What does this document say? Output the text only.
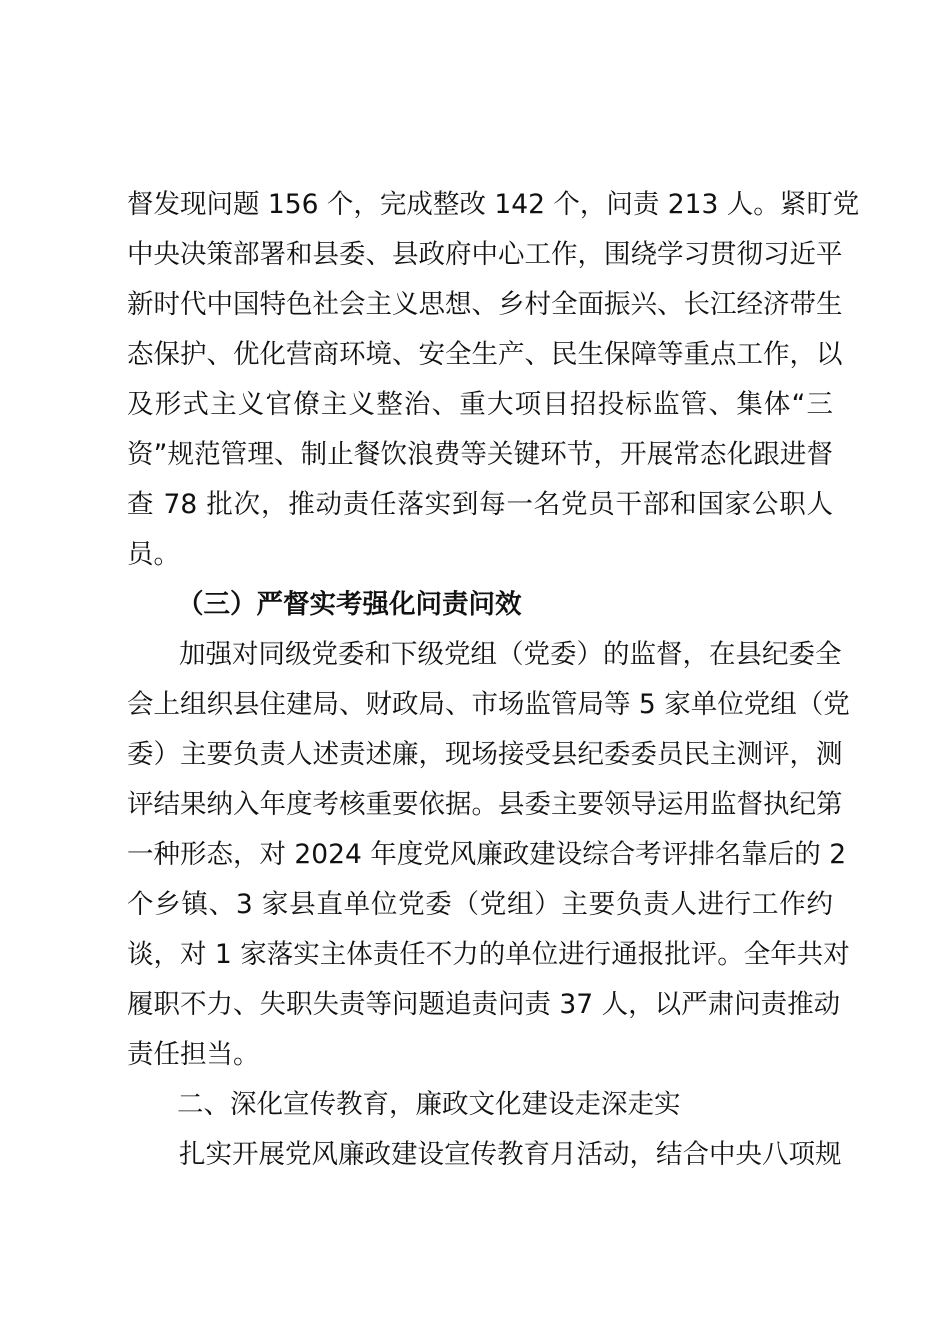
督发现问题 156 个，完成整改 142 个，问责 213 人。紧盯党
中央决策部署和县委、县政府中心工作，围绕学习贯彻习近平
新时代中国特色社会主义思想、乡村全面振兴、长江经济带生
态保护、优化营商环境、安全生产、民生保障等重点工作，以
及形式主义官僚主义整治、重大项目招投标监管、集体“三
资”规范管理、制止餐饮浪费等关键环节，开展常态化跟进督
查 78 批次，推动责任落实到每一名党员干部和国家公职人
员。
（三）严督实考强化问责问效
加强对同级党委和下级党组（党委）的监督，在县纪委全
会上组织县住建局、财政局、市场监管局等 5 家单位党组（党
委）主要负责人述责述廉，现场接受县纪委委员民主测评，测
评结果纳入年度考核重要依据。县委主要领导运用监督执纪第
一种形态，对 2024 年度党风廉政建设综合考评排名靠后的 2
个乡镇、3 家县直单位党委（党组）主要负责人进行工作约
谈，对 1 家落实主体责任不力的单位进行通报批评。全年共对
履职不力、失职失责等问题追责问责 37 人，以严肃问责推动
责任担当。
二、深化宣传教育，廉政文化建设走深走实
扎实开展党风廉政建设宣传教育月活动，结合中央八项规
